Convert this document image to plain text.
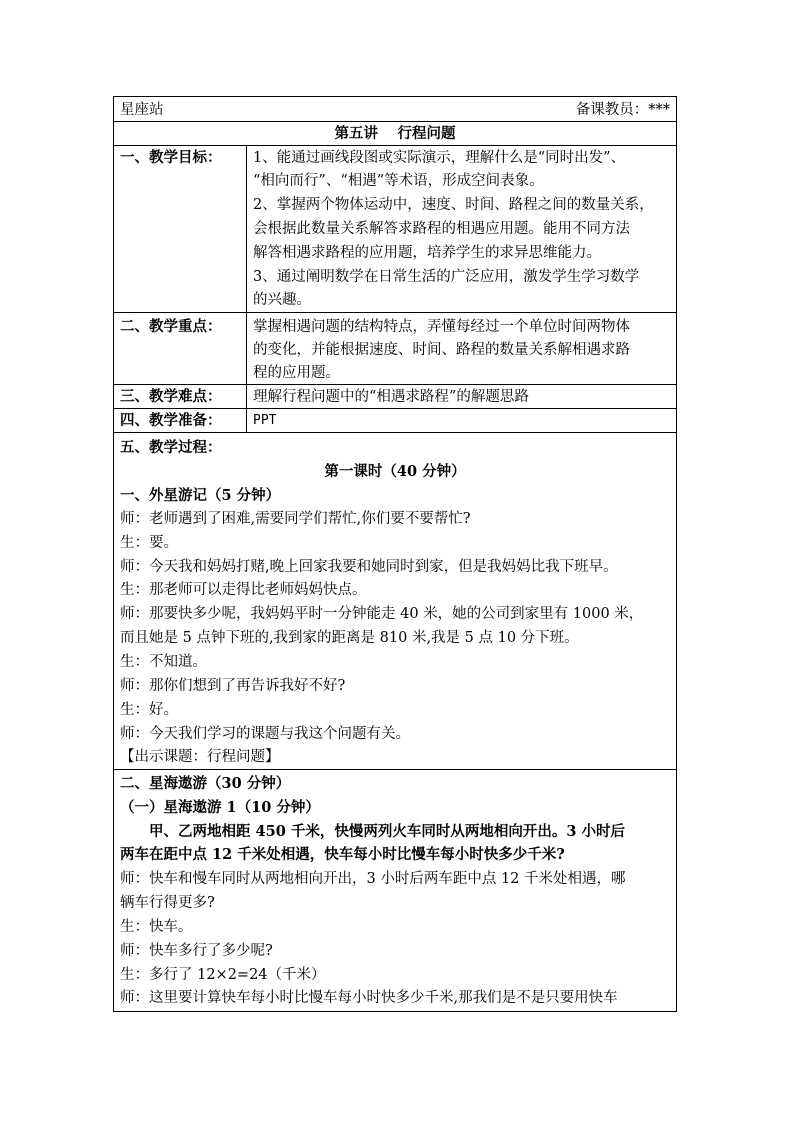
星座站	备课教员：***
第五讲　 行程问题
一、教学目标： 1、能通过画线段图或实际演示，理解什么是“同时出发”、
“相向而行”、“相遇”等术语，形成空间表象。
2、掌握两个物体运动中，速度、时间、路程之间的数量关系，
会根据此数量关系解答求路程的相遇应用题。能用不同方法
解答相遇求路程的应用题，培养学生的求异思维能力。
3、通过阐明数学在日常生活的广泛应用，激发学生学习数学
的兴趣。
二、教学重点： 掌握相遇问题的结构特点，弄懂每经过一个单位时间两物体
的变化，并能根据速度、时间、路程的数量关系解相遇求路
程的应用题。
三、教学难点： 理解行程问题中的“相遇求路程”的解题思路
四、教学准备： PPT
五、教学过程：
第一课时（40 分钟）
一、外星游记（5 分钟）
师：老师遇到了困难,需要同学们帮忙,你们要不要帮忙?
生：要。
师：今天我和妈妈打赌,晚上回家我要和她同时到家，但是我妈妈比我下班早。
生：那老师可以走得比老师妈妈快点。
师：那要快多少呢，我妈妈平时一分钟能走 40 米，她的公司到家里有 1000 米，
而且她是 5 点钟下班的,我到家的距离是 810 米,我是 5 点 10 分下班。
生：不知道。
师：那你们想到了再告诉我好不好?
生：好。
师：今天我们学习的课题与我这个问题有关。
【出示课题：行程问题】
二、星海遨游（30 分钟）
（一）星海遨游 1（10 分钟）
　　甲、乙两地相距 450 千米，快慢两列火车同时从两地相向开出。3 小时后
两车在距中点 12 千米处相遇，快车每小时比慢车每小时快多少千米?
师：快车和慢车同时从两地相向开出，3 小时后两车距中点 12 千米处相遇，哪
辆车行得更多?
生：快车。
师：快车多行了多少呢?
生：多行了 12×2=24（千米）
师：这里要计算快车每小时比慢车每小时快多少千米,那我们是不是只要用快车
